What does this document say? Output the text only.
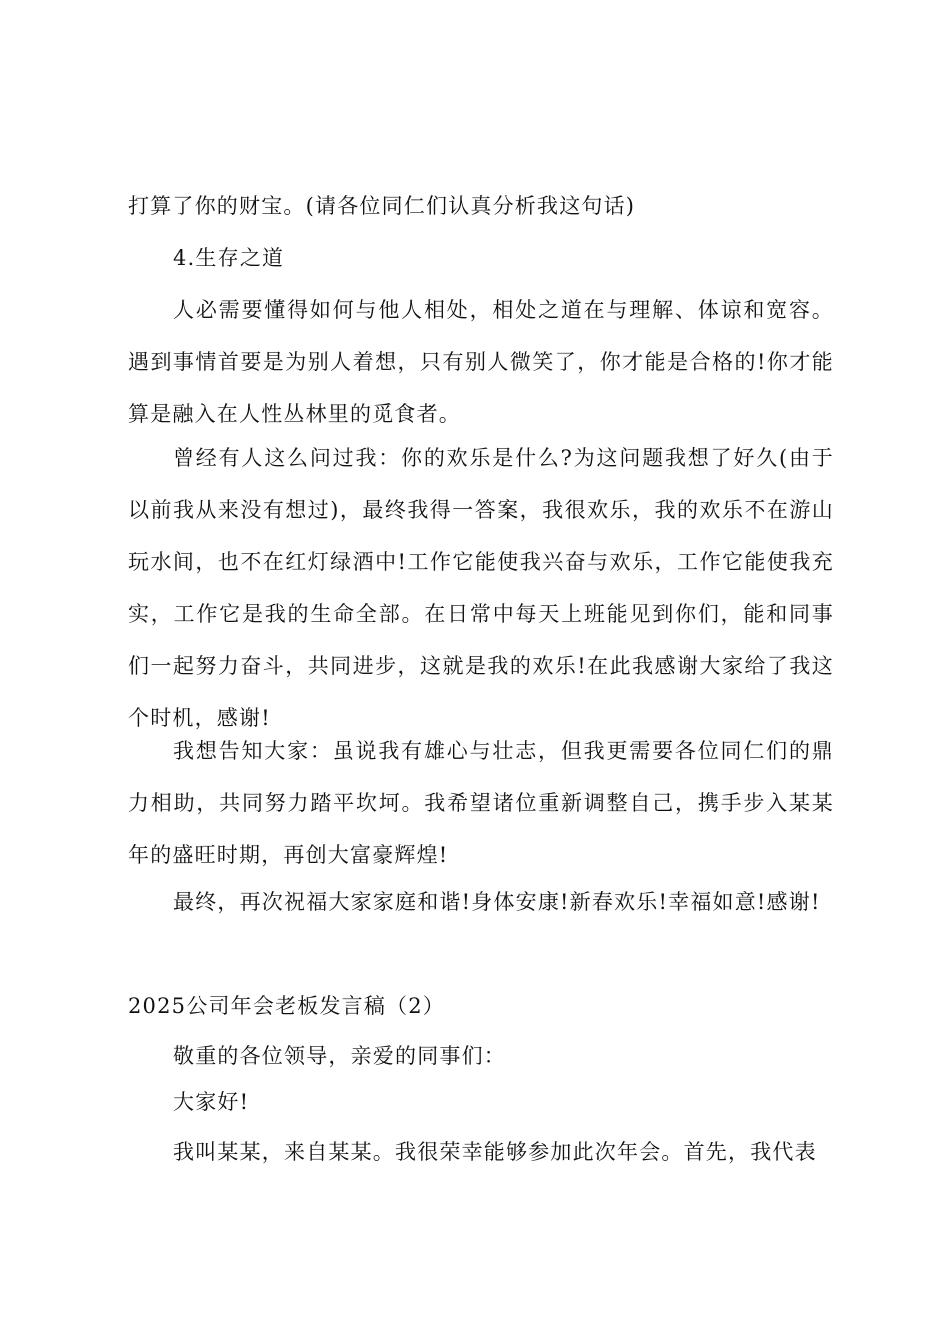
打算了你的财宝。(请各位同仁们认真分析我这句话)

4.生存之道

人必需要懂得如何与他人相处，相处之道在与理解、体谅和宽容。遇到事情首要是为别人着想，只有别人微笑了，你才能是合格的!你才能算是融入在人性丛林里的觅食者。

曾经有人这么问过我：你的欢乐是什么?为这问题我想了好久(由于以前我从来没有想过)，最终我得一答案，我很欢乐，我的欢乐不在游山玩水间，也不在红灯绿酒中!工作它能使我兴奋与欢乐，工作它能使我充实，工作它是我的生命全部。在日常中每天上班能见到你们，能和同事们一起努力奋斗，共同进步，这就是我的欢乐!在此我感谢大家给了我这个时机，感谢!

我想告知大家：虽说我有雄心与壮志，但我更需要各位同仁们的鼎力相助，共同努力踏平坎坷。我希望诸位重新调整自己，携手步入某某年的盛旺时期，再创大富豪辉煌!

最终，再次祝福大家家庭和谐!身体安康!新春欢乐!幸福如意!感谢!

2025公司年会老板发言稿（2）

敬重的各位领导，亲爱的同事们：

大家好!

我叫某某，来自某某。我很荣幸能够参加此次年会。首先，我代表
